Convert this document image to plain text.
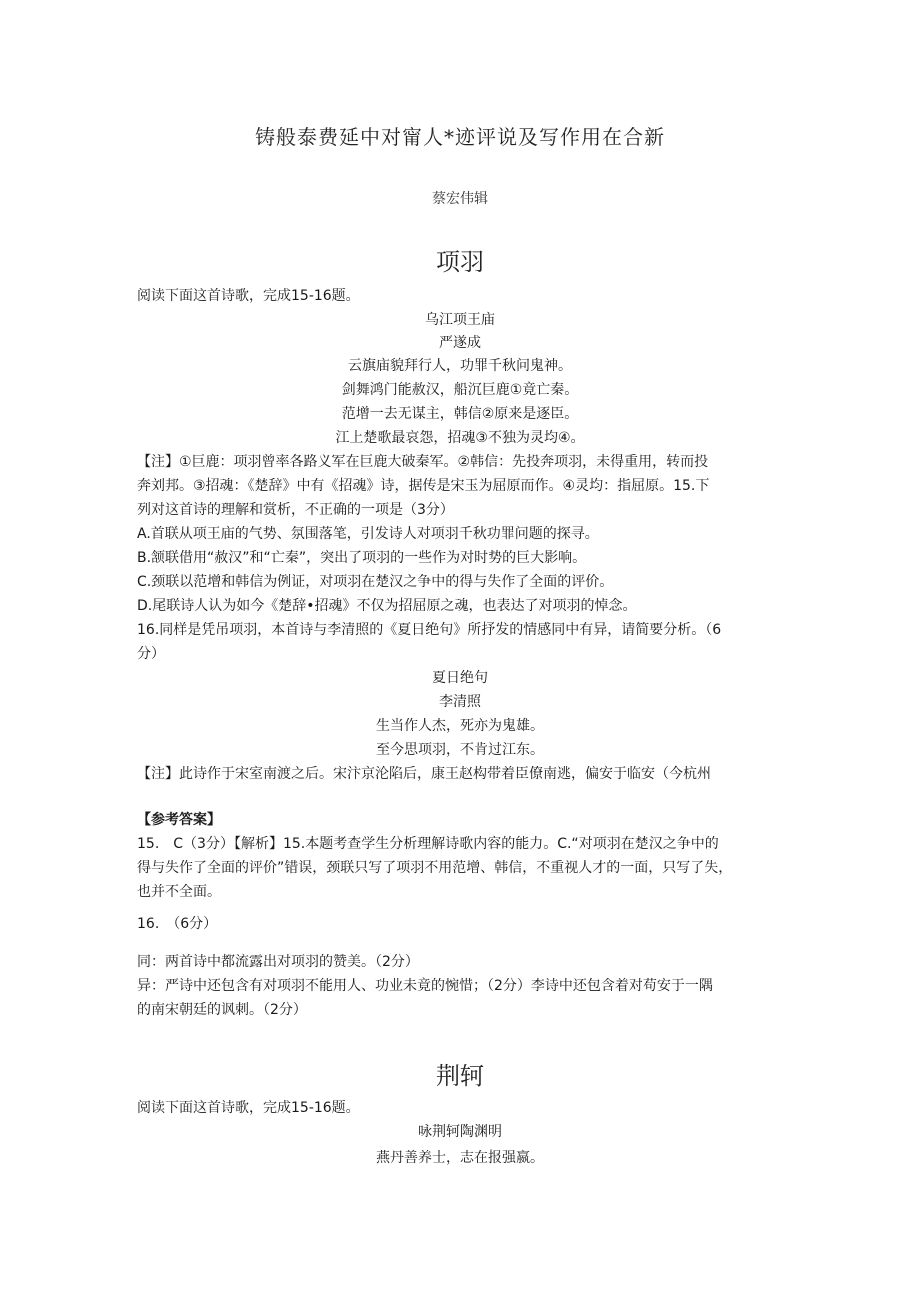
铸般泰费延中对甯人*迹评说及写作用在合新
蔡宏伟辑
项羽
阅读下面这首诗歌，完成15-16题。
乌江项王庙
严遂成
云旗庙貌拜行人，功罪千秋问鬼神。
剑舞鸿门能赦汉，船沉巨鹿①竟亡秦。
范增一去无谋主，韩信②原来是逐臣。
江上楚歌最哀怨，招魂③不独为灵均④。
【注】①巨鹿：项羽曾率各路义军在巨鹿大破秦军。②韩信：先投奔项羽，未得重用，转而投
奔刘邦。③招魂：《楚辞》中有《招魂》诗，据传是宋玉为屈原而作。④灵均：指屈原。15.下
列对这首诗的理解和赏析，不正确的一项是（3分）
A.首联从项王庙的气势、氛围落笔，引发诗人对项羽千秋功罪问题的探寻。
B.颔联借用“赦汉”和“亡秦”，突出了项羽的一些作为对时势的巨大影响。
C.颈联以范增和韩信为例证，对项羽在楚汉之争中的得与失作了全面的评价。
D.尾联诗人认为如今《楚辞•招魂》不仅为招屈原之魂，也表达了对项羽的悼念。
16.同样是凭吊项羽，本首诗与李清照的《夏日绝句》所抒发的情感同中有异，请简要分析。（6
分）
夏日绝句
李清照
生当作人杰，死亦为鬼雄。
至今思项羽，不肯过江东。
【注】此诗作于宋室南渡之后。宋汴京沦陷后，康王赵构带着臣僚南逃，偏安于临安（今杭州
【参考答案】
15.　C（3分）【解析】15.本题考查学生分析理解诗歌内容的能力。C.“对项羽在楚汉之争中的
得与失作了全面的评价”错误，颈联只写了项羽不用范增、韩信，不重视人才的一面，只写了失，
也并不全面。
16.　（6分）
同：两首诗中都流露出对项羽的赞美。（2分）
异：严诗中还包含有对项羽不能用人、功业未竟的惋惜；（2分）李诗中还包含着对苟安于一隅
的南宋朝廷的讽刺。（2分）
荆轲
阅读下面这首诗歌，完成15-16题。
咏荆轲陶渊明
燕丹善养士，志在报强嬴。
